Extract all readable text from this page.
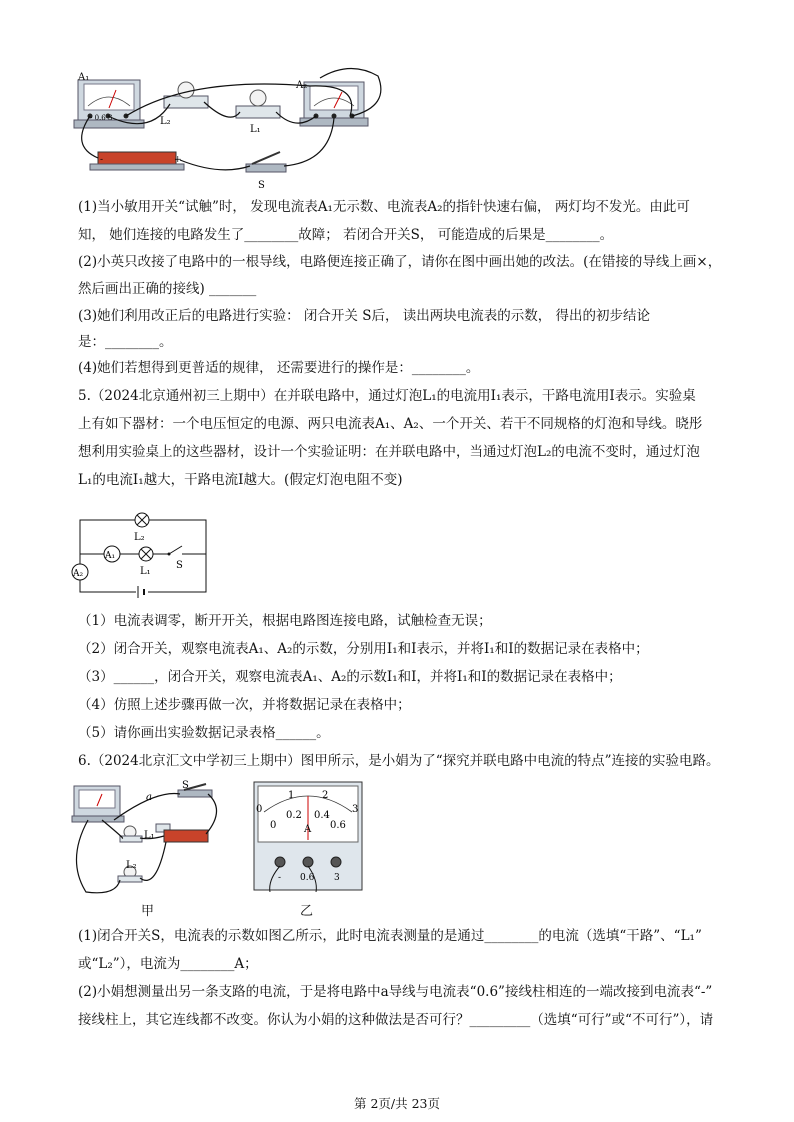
- 0.6 3
A₁
L₂
L₁
A₂
-	+
S
(1)当小敏用开关“试触”时， 发现电流表A₁无示数、电流表A₂的指针快速右偏， 两灯均不发光。由此可
知， 她们连接的电路发生了________故障； 若闭合开关S， 可能造成的后果是________。
(2)小英只改接了电路中的一根导线，电路便连接正确了，请你在图中画出她的改法。(在错接的导线上画×，
然后画出正确的接线) _______
(3)她们利用改正后的电路进行实验： 闭合开关 S后， 读出两块电流表的示数， 得出的初步结论
是：________。
(4)她们若想得到更普适的规律， 还需要进行的操作是：________。
5.（2024北京通州初三上期中）在并联电路中，通过灯泡L₁的电流用I₁表示，干路电流用I表示。实验桌
上有如下器材：一个电压恒定的电源、两只电流表A₁、A₂、一个开关、若干不同规格的灯泡和导线。晓彤
想利用实验桌上的这些器材，设计一个实验证明：在并联电路中，当通过灯泡L₂的电流不变时，通过灯泡
L₁的电流I₁越大，干路电流I越大。(假定灯泡电阻不变)
L₂
A₁
L₁
S
A₂
（1）电流表调零，断开开关，根据电路图连接电路，试触检查无误；
（2）闭合开关，观察电流表A₁、A₂的示数，分别用I₁和I表示，并将I₁和I的数据记录在表格中；
（3）______，闭合开关，观察电流表A₁、A₂的示数I₁和I，并将I₁和I的数据记录在表格中；
（4）仿照上述步骤再做一次，并将数据记录在表格中；
（5）请你画出实验数据记录表格______。
6.（2024北京汇文中学初三上期中）图甲所示，是小娟为了“探究并联电路中电流的特点”连接的实验电路。
S
a
L₁
L₂
甲
0
1	2
3
0
0.2 0.4
0.6
A
- 0.6 3
乙
(1)闭合开关S，电流表的示数如图乙所示，此时电流表测量的是通过________的电流（选填“干路”、“L₁”
或“L₂”），电流为________A；
(2)小娟想测量出另一条支路的电流，于是将电路中a导线与电流表“0.6”接线柱相连的一端改接到电流表“-”
接线柱上，其它连线都不改变。你认为小娟的这种做法是否可行？_________（选填“可行”或“不可行”），请
第 2页/共 23页
